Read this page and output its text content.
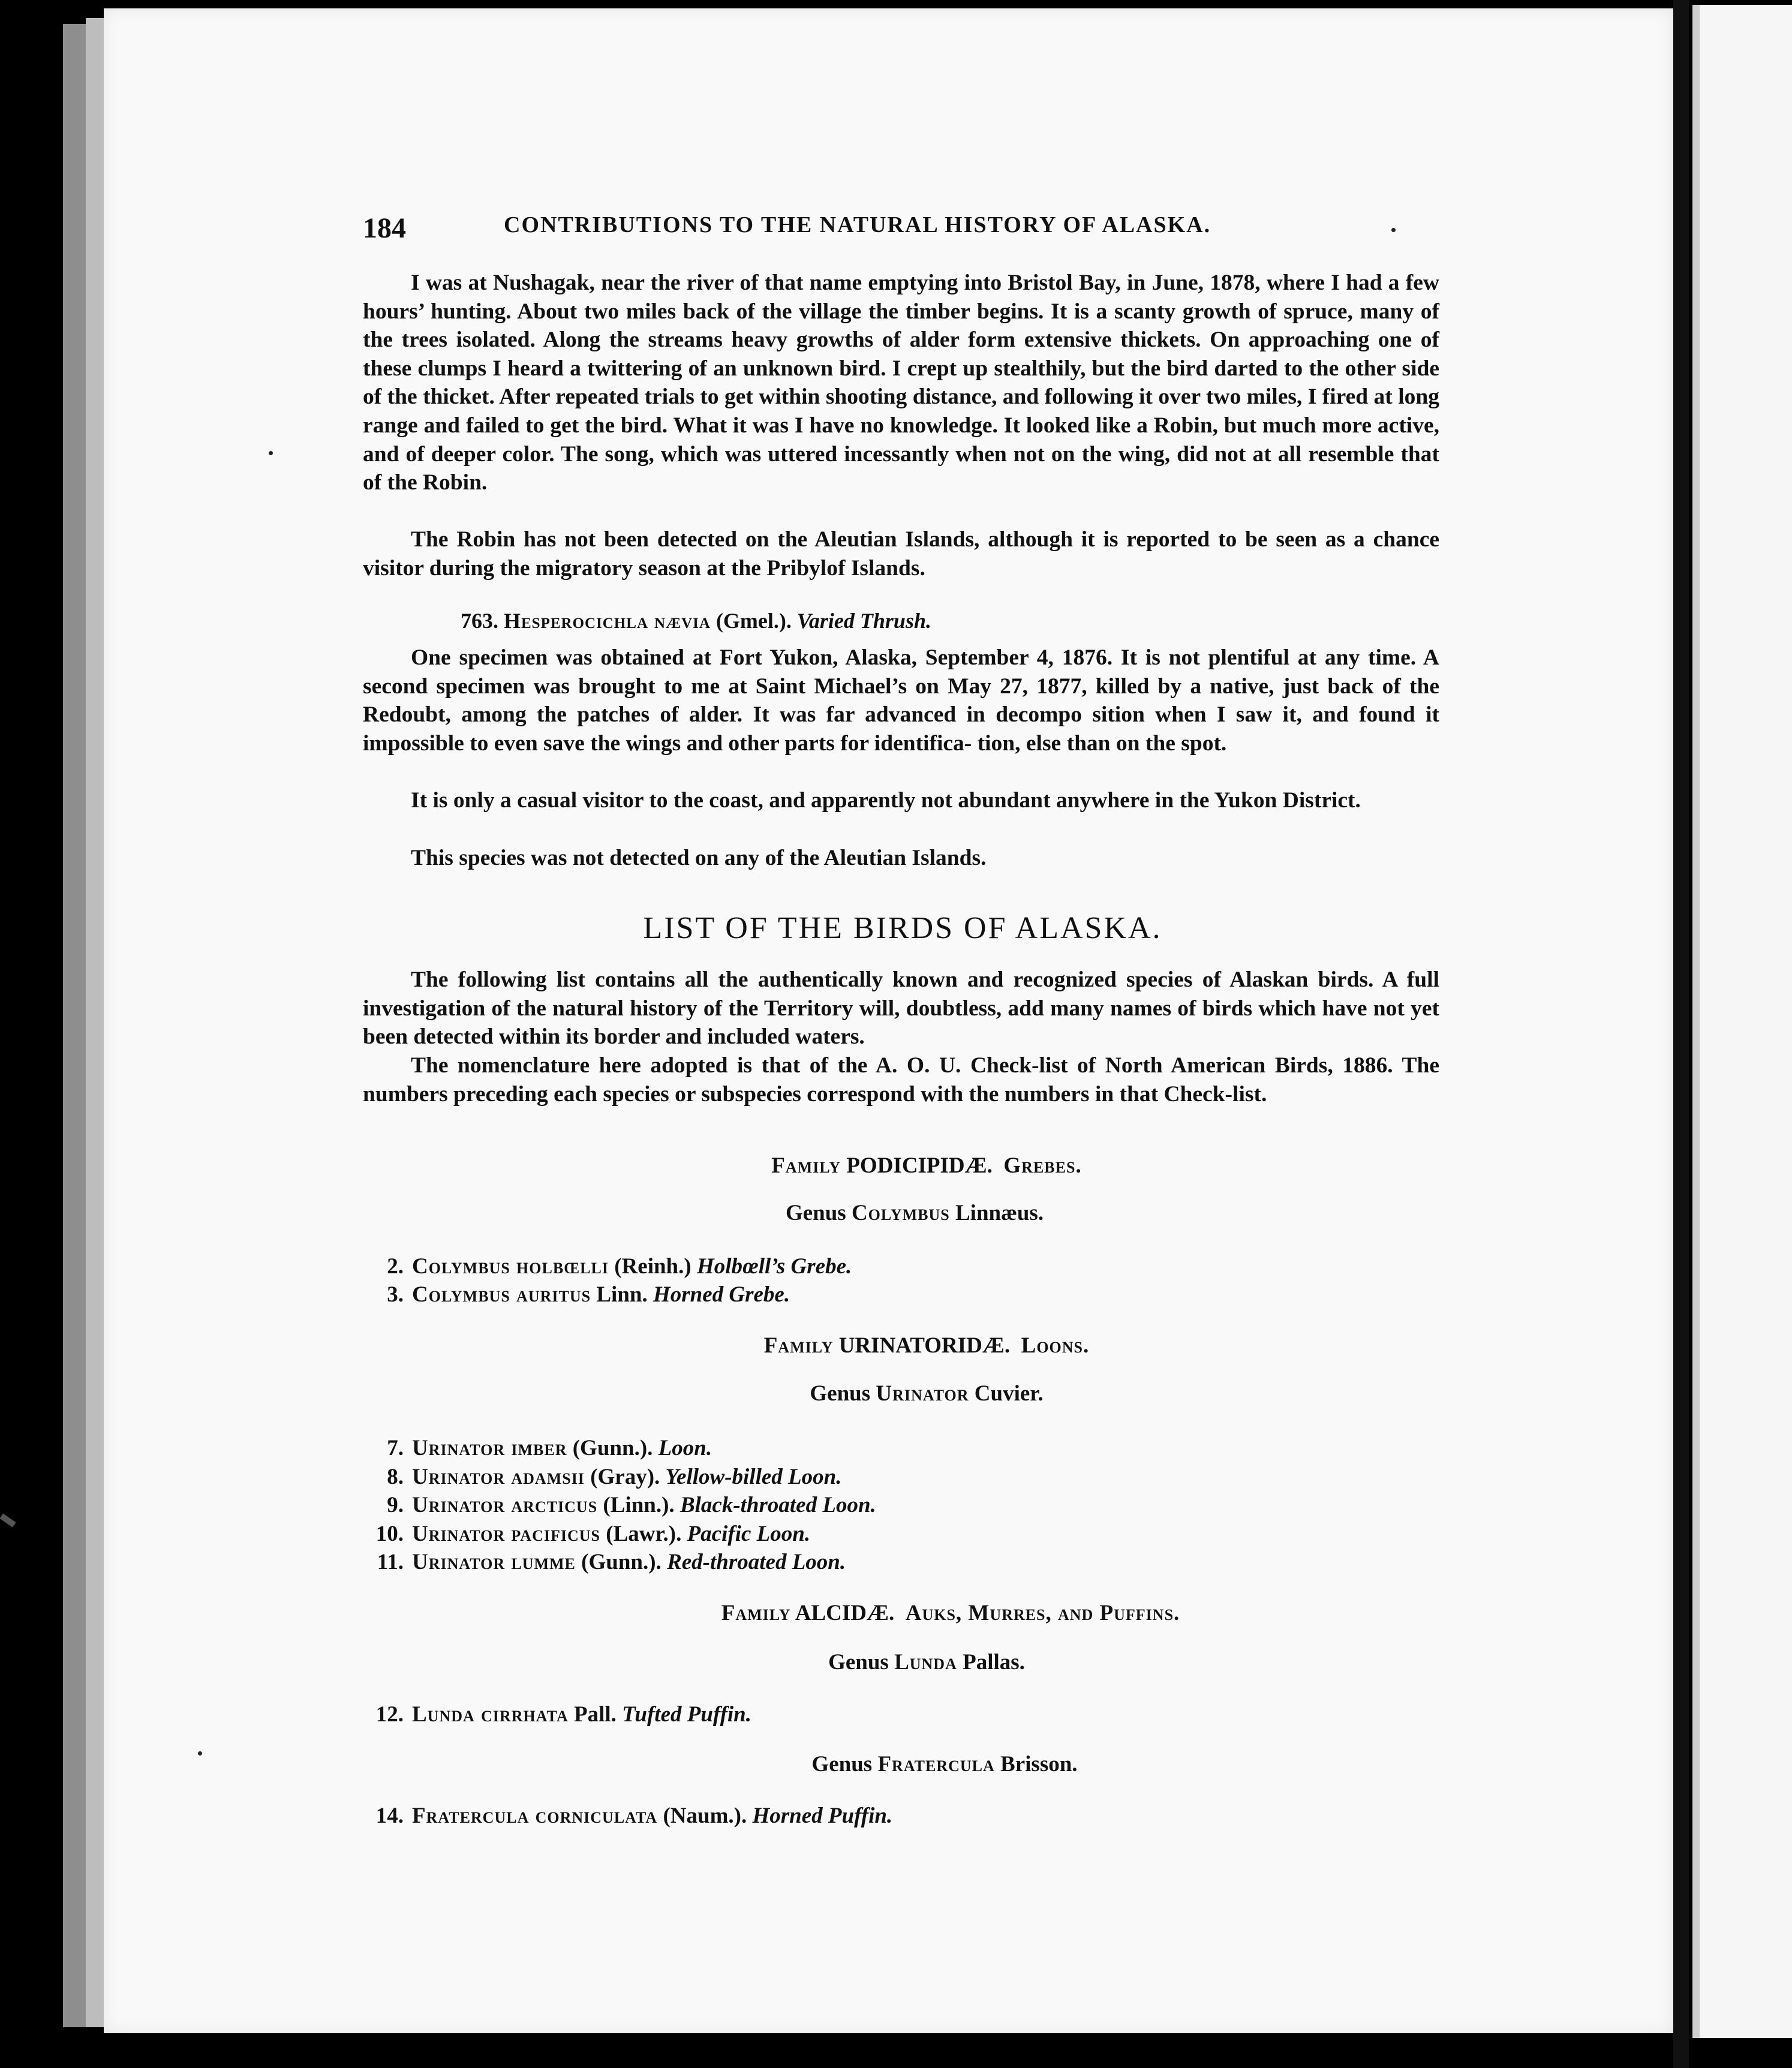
184	CONTRIBUTIONS TO THE NATURAL HISTORY OF ALASKA.

I was at Nushagak, near the river of that name emptying into Bristol Bay, in June, 1878, where I had a few hours’ hunting. About two miles back of the village the timber begins. It is a scanty growth of spruce, many of the trees isolated. Along the streams heavy growths of alder form extensive thickets. On approaching one of these clumps I heard a twittering of an unknown bird. I crept up stealthily, but the bird darted to the other side of the thicket. After repeated trials to get within shooting distance, and following it over two miles, I fired at long range and failed to get the bird. What it was I have no knowledge. It looked like a Robin, but much more active, and of deeper color. The song, which was uttered incessantly when not on the wing, did not at all resemble that of the Robin.

The Robin has not been detected on the Aleutian Islands, although it is reported to be seen as a chance visitor during the migratory season at the Pribylof Islands.

763. Hesperocichla nævia (Gmel.). Varied Thrush.

One specimen was obtained at Fort Yukon, Alaska, September 4, 1876. It is not plentiful at any time. A second specimen was brought to me at Saint Michael’s on May 27, 1877, killed by a native, just back of the Redoubt, among the patches of alder. It was far advanced in decompo sition when I saw it, and found it impossible to even save the wings and other parts for identifica- tion, else than on the spot.

It is only a casual visitor to the coast, and apparently not abundant anywhere in the Yukon District.

This species was not detected on any of the Aleutian Islands.

LIST OF THE BIRDS OF ALASKA.

The following list contains all the authentically known and recognized species of Alaskan birds. A full investigation of the natural history of the Territory will, doubtless, add many names of birds which have not yet been detected within its border and included waters.

The nomenclature here adopted is that of the A. O. U. Check-list of North American Birds, 1886. The numbers preceding each species or subspecies correspond with the numbers in that Check-list.

Family PODICIPIDÆ. Grebes.
Genus Colymbus Linnæus.
2. Colymbus holbœlli (Reinh.) Holbœll’s Grebe.
3. Colymbus auritus Linn. Horned Grebe.
Family URINATORIDÆ. Loons.
Genus Urinator Cuvier.
7. Urinator imber (Gunn.). Loon.
8. Urinator adamsii (Gray). Yellow-billed Loon.
9. Urinator arcticus (Linn.). Black-throated Loon.
10. Urinator pacificus (Lawr.). Pacific Loon.
11. Urinator lumme (Gunn.). Red-throated Loon.
Family ALCIDÆ. Auks, Murres, and Puffins.
Genus Lunda Pallas.
12. Lunda cirrhata Pall. Tufted Puffin.
Genus Fratercula Brisson.
14. Fratercula corniculata (Naum.). Horned Puffin.
